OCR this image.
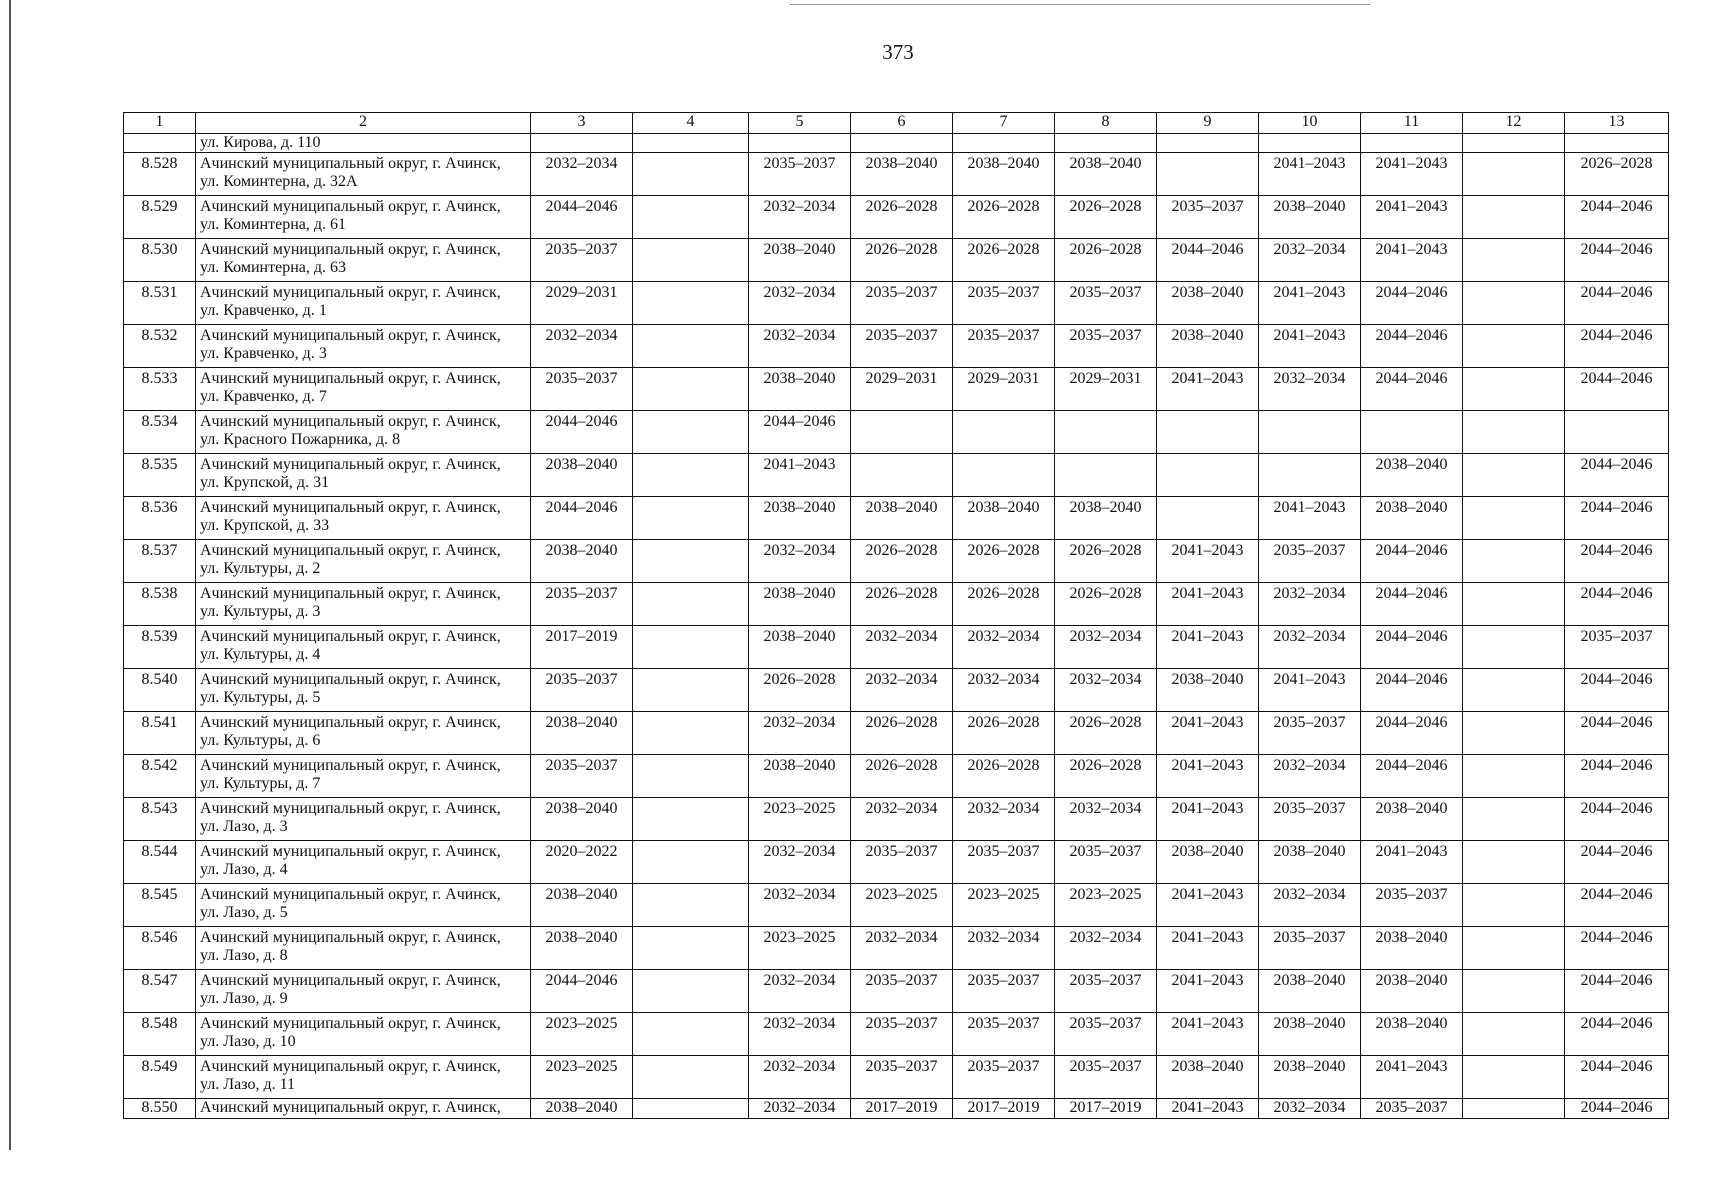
373
1	2	3	4	5	6	7	8	9	10	11	12	13

	ул. Кирова, д. 110											

8.528	Ачинский муниципальный округ, г. Ачинск,
ул. Коминтерна, д. 32А	2032–2034		2035–2037	2038–2040	2038–2040	2038–2040		2041–2043	2041–2043		2026–2028
8.529	Ачинский муниципальный округ, г. Ачинск,
ул. Коминтерна, д. 61	2044–2046		2032–2034	2026–2028	2026–2028	2026–2028	2035–2037	2038–2040	2041–2043		2044–2046
8.530	Ачинский муниципальный округ, г. Ачинск,
ул. Коминтерна, д. 63	2035–2037		2038–2040	2026–2028	2026–2028	2026–2028	2044–2046	2032–2034	2041–2043		2044–2046
8.531	Ачинский муниципальный округ, г. Ачинск,
ул. Кравченко, д. 1	2029–2031		2032–2034	2035–2037	2035–2037	2035–2037	2038–2040	2041–2043	2044–2046		2044–2046
8.532	Ачинский муниципальный округ, г. Ачинск,
ул. Кравченко, д. 3	2032–2034		2032–2034	2035–2037	2035–2037	2035–2037	2038–2040	2041–2043	2044–2046		2044–2046
8.533	Ачинский муниципальный округ, г. Ачинск,
ул. Кравченко, д. 7	2035–2037		2038–2040	2029–2031	2029–2031	2029–2031	2041–2043	2032–2034	2044–2046		2044–2046
8.534	Ачинский муниципальный округ, г. Ачинск,
ул. Красного Пожарника, д. 8	2044–2046		2044–2046								
8.535	Ачинский муниципальный округ, г. Ачинск,
ул. Крупской, д. 31	2038–2040		2041–2043						2038–2040		2044–2046
8.536	Ачинский муниципальный округ, г. Ачинск,
ул. Крупской, д. 33	2044–2046		2038–2040	2038–2040	2038–2040	2038–2040		2041–2043	2038–2040		2044–2046
8.537	Ачинский муниципальный округ, г. Ачинск,
ул. Культуры, д. 2	2038–2040		2032–2034	2026–2028	2026–2028	2026–2028	2041–2043	2035–2037	2044–2046		2044–2046
8.538	Ачинский муниципальный округ, г. Ачинск,
ул. Культуры, д. 3	2035–2037		2038–2040	2026–2028	2026–2028	2026–2028	2041–2043	2032–2034	2044–2046		2044–2046
8.539	Ачинский муниципальный округ, г. Ачинск,
ул. Культуры, д. 4	2017–2019		2038–2040	2032–2034	2032–2034	2032–2034	2041–2043	2032–2034	2044–2046		2035–2037
8.540	Ачинский муниципальный округ, г. Ачинск,
ул. Культуры, д. 5	2035–2037		2026–2028	2032–2034	2032–2034	2032–2034	2038–2040	2041–2043	2044–2046		2044–2046
8.541	Ачинский муниципальный округ, г. Ачинск,
ул. Культуры, д. 6	2038–2040		2032–2034	2026–2028	2026–2028	2026–2028	2041–2043	2035–2037	2044–2046		2044–2046
8.542	Ачинский муниципальный округ, г. Ачинск,
ул. Культуры, д. 7	2035–2037		2038–2040	2026–2028	2026–2028	2026–2028	2041–2043	2032–2034	2044–2046		2044–2046
8.543	Ачинский муниципальный округ, г. Ачинск,
ул. Лазо, д. 3	2038–2040		2023–2025	2032–2034	2032–2034	2032–2034	2041–2043	2035–2037	2038–2040		2044–2046
8.544	Ачинский муниципальный округ, г. Ачинск,
ул. Лазо, д. 4	2020–2022		2032–2034	2035–2037	2035–2037	2035–2037	2038–2040	2038–2040	2041–2043		2044–2046
8.545	Ачинский муниципальный округ, г. Ачинск,
ул. Лазо, д. 5	2038–2040		2032–2034	2023–2025	2023–2025	2023–2025	2041–2043	2032–2034	2035–2037		2044–2046
8.546	Ачинский муниципальный округ, г. Ачинск,
ул. Лазо, д. 8	2038–2040		2023–2025	2032–2034	2032–2034	2032–2034	2041–2043	2035–2037	2038–2040		2044–2046
8.547	Ачинский муниципальный округ, г. Ачинск,
ул. Лазо, д. 9	2044–2046		2032–2034	2035–2037	2035–2037	2035–2037	2041–2043	2038–2040	2038–2040		2044–2046
8.548	Ачинский муниципальный округ, г. Ачинск,
ул. Лазо, д. 10	2023–2025		2032–2034	2035–2037	2035–2037	2035–2037	2041–2043	2038–2040	2038–2040		2044–2046
8.549	Ачинский муниципальный округ, г. Ачинск,
ул. Лазо, д. 11	2023–2025		2032–2034	2035–2037	2035–2037	2035–2037	2038–2040	2038–2040	2041–2043		2044–2046
8.550	Ачинский муниципальный округ, г. Ачинск,	2038–2040		2032–2034	2017–2019	2017–2019	2017–2019	2041–2043	2032–2034	2035–2037		2044–2046
